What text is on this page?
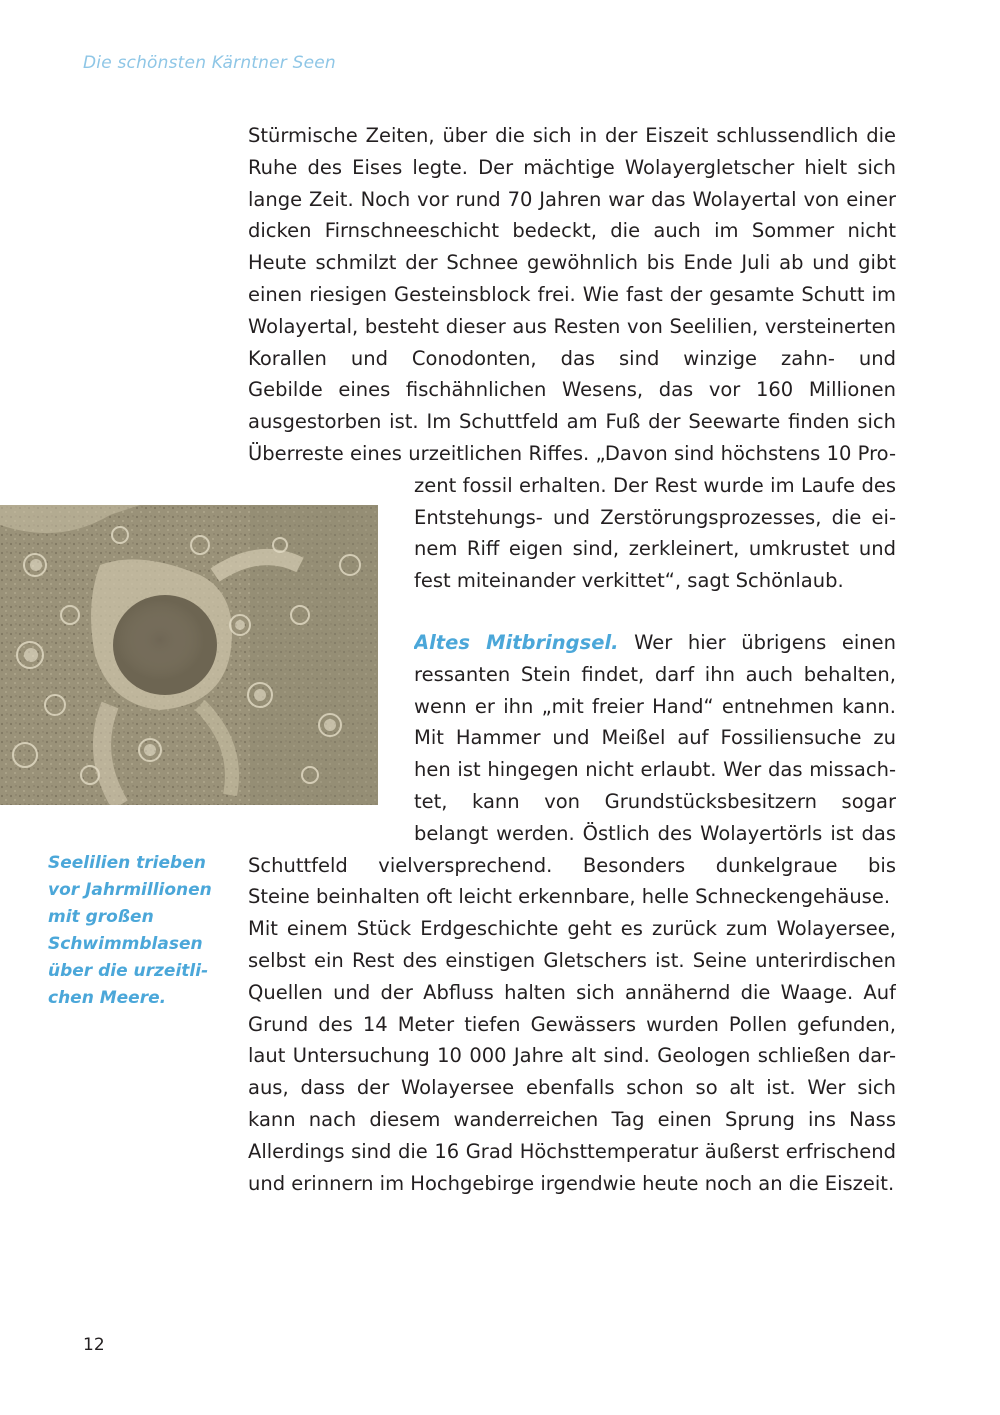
Die schönsten Kärntner Seen
Stürmische Zeiten, über die sich in der Eiszeit schlussendlich die
Ruhe des Eises legte. Der mächtige Wolayergletscher hielt sich
lange Zeit. Noch vor rund 70 Jahren war das Wolayertal von einer
dicken Firnschneeschicht bedeckt, die auch im Sommer nicht
Heute schmilzt der Schnee gewöhnlich bis Ende Juli ab und gibt
einen riesigen Gesteinsblock frei. Wie fast der gesamte Schutt im
Wolayertal, besteht dieser aus Resten von Seelilien, versteinerten
Korallen und Conodonten, das sind winzige zahn- und
Gebilde eines fischähnlichen Wesens, das vor 160 Millionen
ausgestorben ist. Im Schuttfeld am Fuß der Seewarte finden sich
Überreste eines urzeitlichen Riffes. „Davon sind höchstens 10 Pro-
zent fossil erhalten. Der Rest wurde im Laufe des
Entstehungs- und Zerstörungsprozesses, die ei-
nem Riff eigen sind, zerkleinert, umkrustet und
fest miteinander verkittet“, sagt Schönlaub.
Altes Mitbringsel. Wer hier übrigens einen
ressanten Stein findet, darf ihn auch behalten,
wenn er ihn „mit freier Hand“ entnehmen kann.
Mit Hammer und Meißel auf Fossiliensuche zu
hen ist hingegen nicht erlaubt. Wer das missach-
tet, kann von Grundstücksbesitzern sogar
belangt werden. Östlich des Wolayertörls ist das
Schuttfeld vielversprechend. Besonders dunkelgraue bis
Steine beinhalten oft leicht erkennbare, helle Schneckengehäuse.
Mit einem Stück Erdgeschichte geht es zurück zum Wolayersee,
selbst ein Rest des einstigen Gletschers ist. Seine unterirdischen
Quellen und der Abfluss halten sich annähernd die Waage. Auf
Grund des 14 Meter tiefen Gewässers wurden Pollen gefunden,
laut Untersuchung 10 000 Jahre alt sind. Geologen schließen dar-
aus, dass der Wolayersee ebenfalls schon so alt ist. Wer sich
kann nach diesem wanderreichen Tag einen Sprung ins Nass
Allerdings sind die 16 Grad Höchsttemperatur äußerst erfrischend
und erinnern im Hochgebirge irgendwie heute noch an die Eiszeit.
Seelilien trieben
vor Jahrmillionen
mit großen
Schwimmblasen
über die urzeitli-
chen Meere.
12
